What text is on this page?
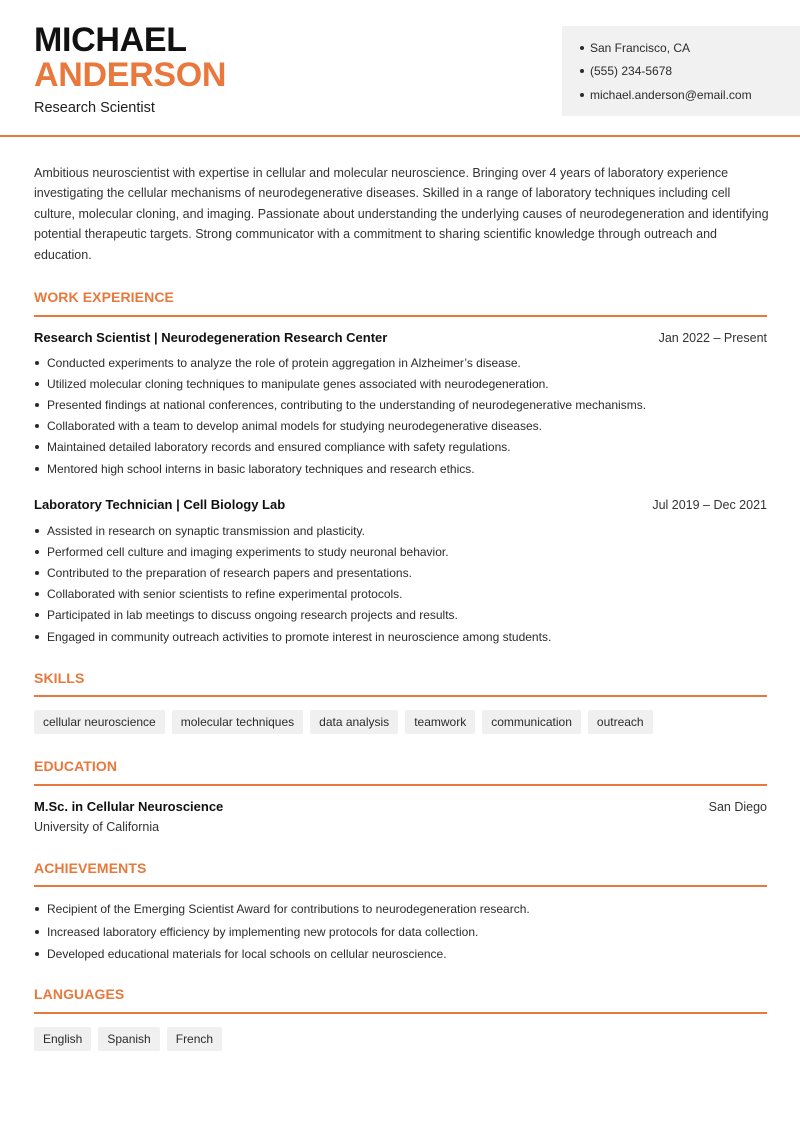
MICHAEL
ANDERSON
Research Scientist
San Francisco, CA
(555) 234-5678
michael.anderson@email.com
Ambitious neuroscientist with expertise in cellular and molecular neuroscience. Bringing over 4 years of laboratory experience investigating the cellular mechanisms of neurodegenerative diseases. Skilled in a range of laboratory techniques including cell culture, molecular cloning, and imaging. Passionate about understanding the underlying causes of neurodegeneration and identifying potential therapeutic targets. Strong communicator with a commitment to sharing scientific knowledge through outreach and education.
WORK EXPERIENCE
Research Scientist | Neurodegeneration Research Center	Jan 2022 – Present
Conducted experiments to analyze the role of protein aggregation in Alzheimer’s disease.
Utilized molecular cloning techniques to manipulate genes associated with neurodegeneration.
Presented findings at national conferences, contributing to the understanding of neurodegenerative mechanisms.
Collaborated with a team to develop animal models for studying neurodegenerative diseases.
Maintained detailed laboratory records and ensured compliance with safety regulations.
Mentored high school interns in basic laboratory techniques and research ethics.
Laboratory Technician | Cell Biology Lab	Jul 2019 – Dec 2021
Assisted in research on synaptic transmission and plasticity.
Performed cell culture and imaging experiments to study neuronal behavior.
Contributed to the preparation of research papers and presentations.
Collaborated with senior scientists to refine experimental protocols.
Participated in lab meetings to discuss ongoing research projects and results.
Engaged in community outreach activities to promote interest in neuroscience among students.
SKILLS
cellular neuroscience	molecular techniques	data analysis	teamwork	communication	outreach
EDUCATION
M.Sc. in Cellular Neuroscience	San Diego
University of California
ACHIEVEMENTS
Recipient of the Emerging Scientist Award for contributions to neurodegeneration research.
Increased laboratory efficiency by implementing new protocols for data collection.
Developed educational materials for local schools on cellular neuroscience.
LANGUAGES
English	Spanish	French
